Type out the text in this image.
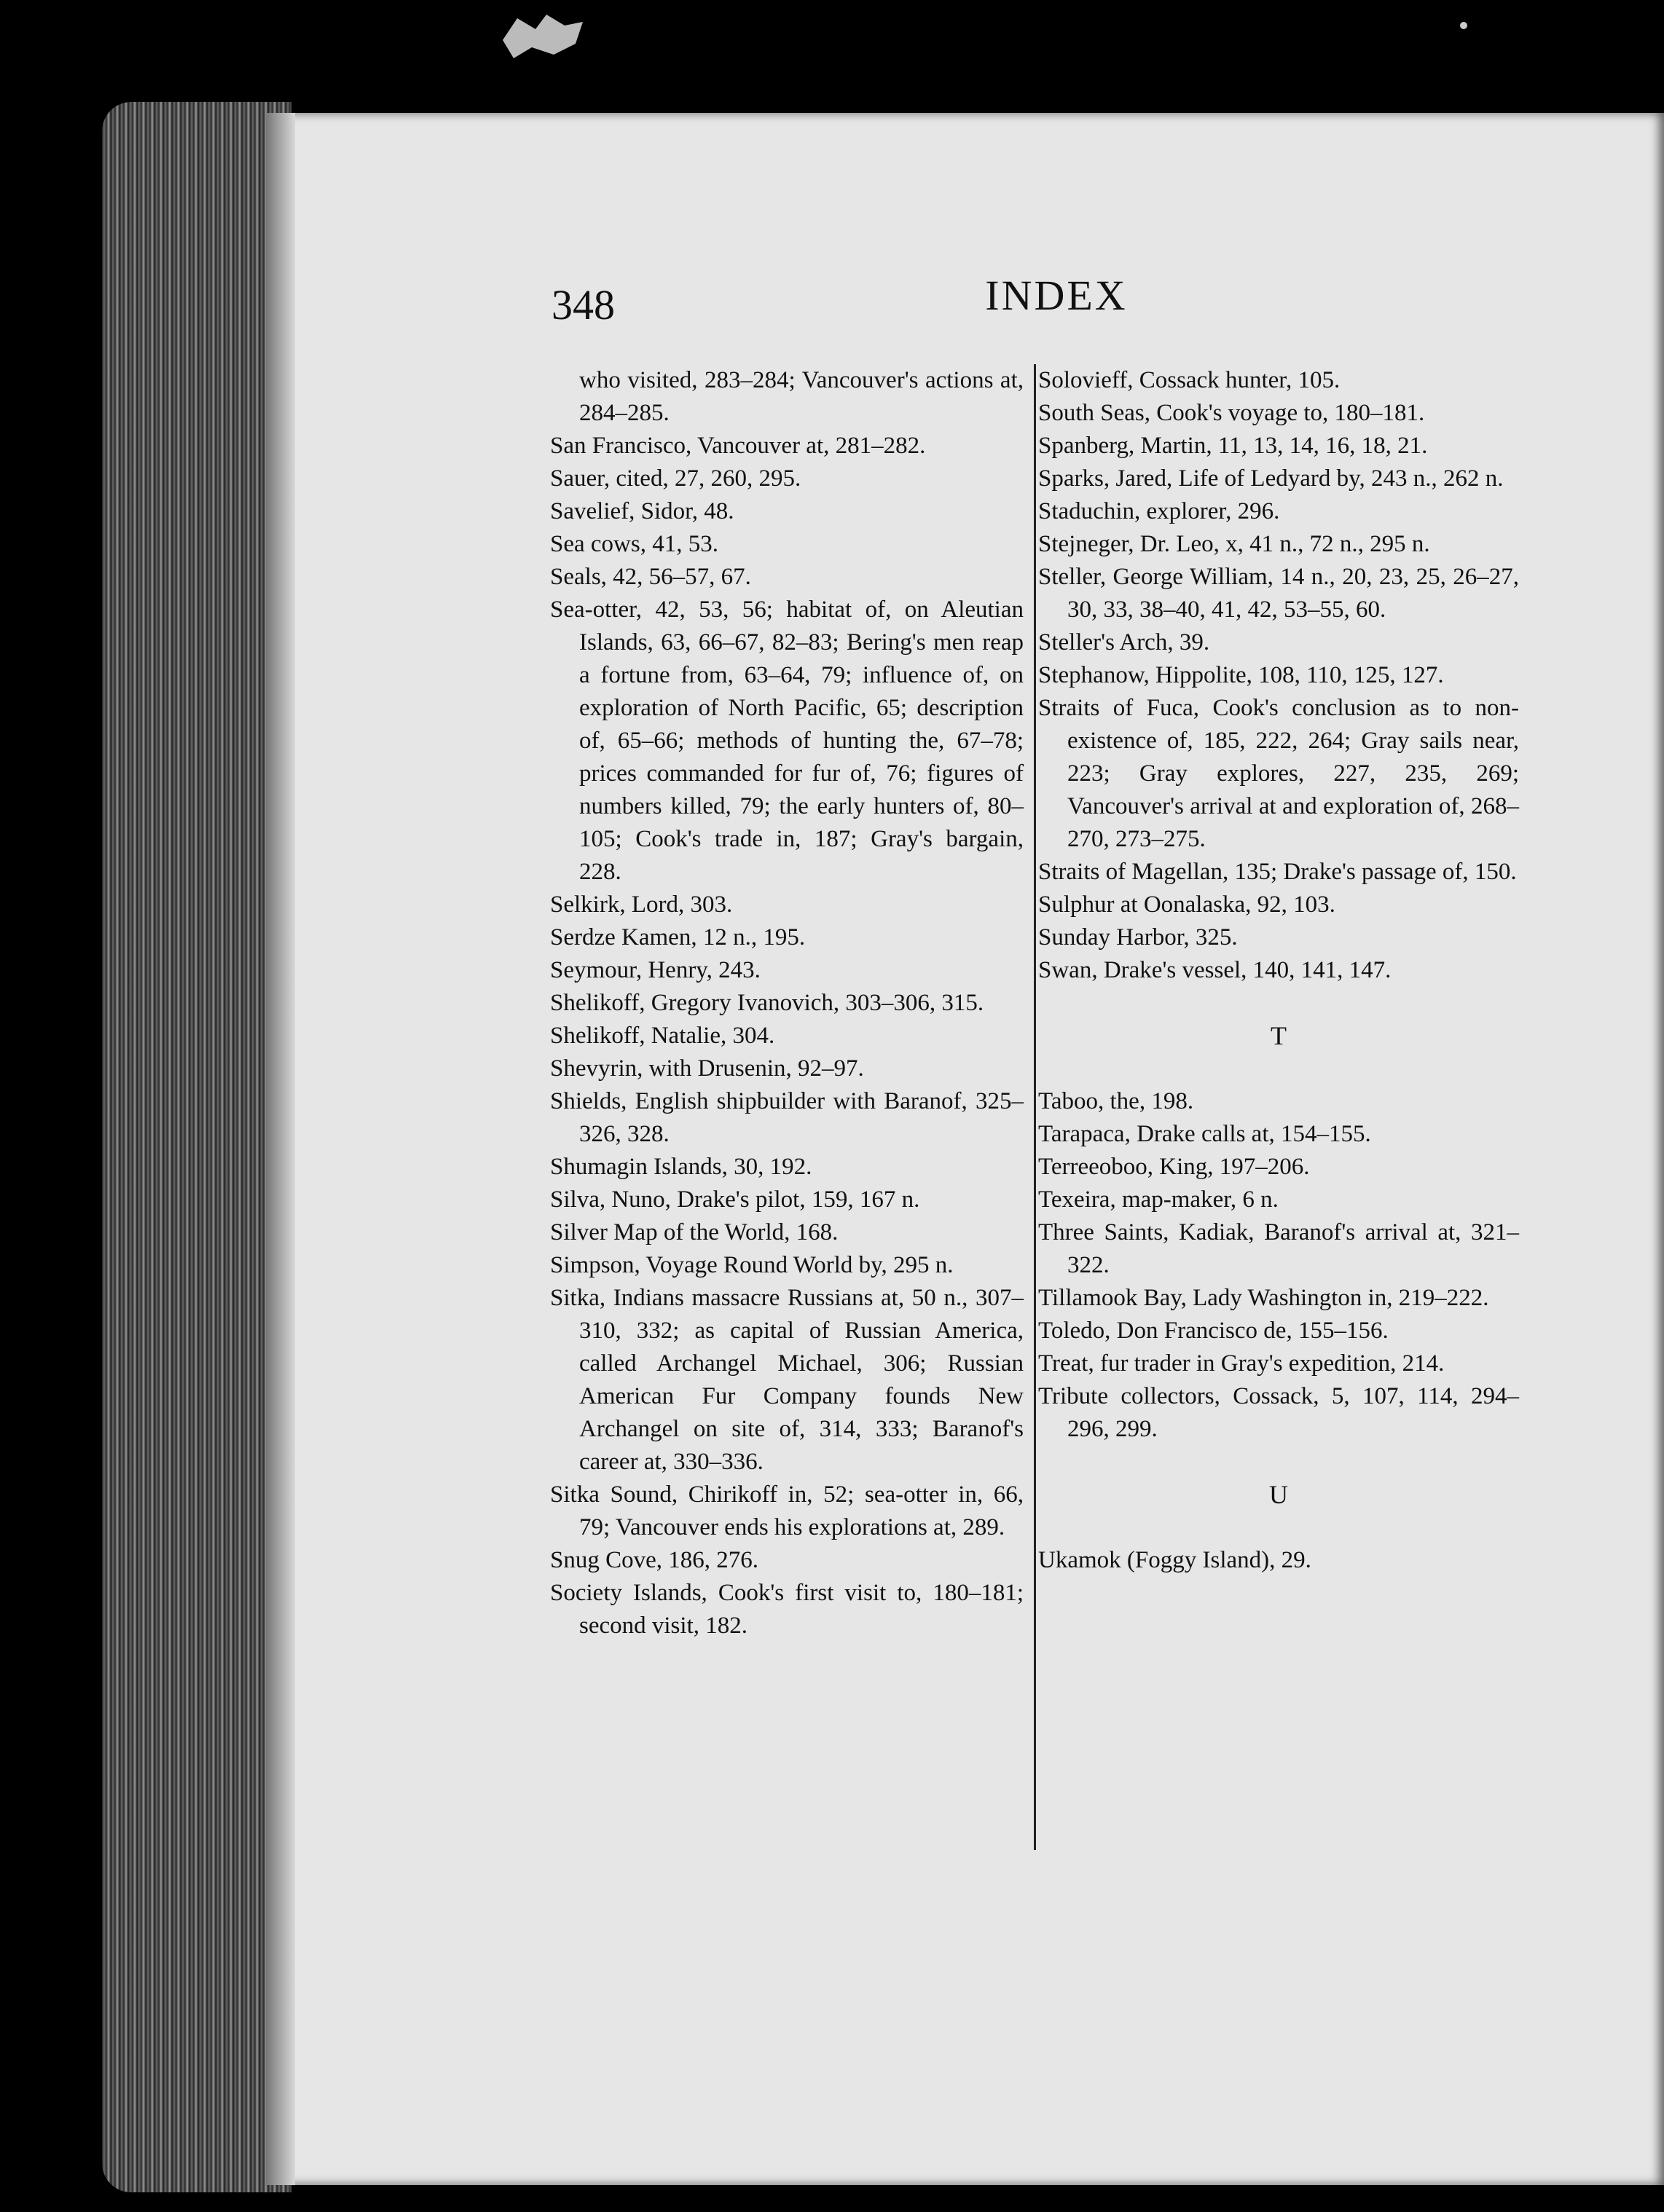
348	INDEX
who visited, 283–284; Vancouver's actions at, 284–285.
San Francisco, Vancouver at, 281–282.
Sauer, cited, 27, 260, 295.
Savelief, Sidor, 48.
Sea cows, 41, 53.
Seals, 42, 56–57, 67.
Sea-otter, 42, 53, 56; habitat of, on Aleutian Islands, 63, 66–67, 82–83; Bering's men reap a fortune from, 63–64, 79; influence of, on exploration of North Pacific, 65; description of, 65–66; methods of hunting the, 67–78; prices commanded for fur of, 76; figures of numbers killed, 79; the early hunters of, 80–105; Cook's trade in, 187; Gray's bargain, 228.
Selkirk, Lord, 303.
Serdze Kamen, 12 n., 195.
Seymour, Henry, 243.
Shelikoff, Gregory Ivanovich, 303–306, 315.
Shelikoff, Natalie, 304.
Shevyrin, with Drusenin, 92–97.
Shields, English shipbuilder with Baranof, 325–326, 328.
Shumagin Islands, 30, 192.
Silva, Nuno, Drake's pilot, 159, 167 n.
Silver Map of the World, 168.
Simpson, Voyage Round World by, 295 n.
Sitka, Indians massacre Russians at, 50 n., 307–310, 332; as capital of Russian America, called Archangel Michael, 306; Russian American Fur Company founds New Archangel on site of, 314, 333; Baranof's career at, 330–336.
Sitka Sound, Chirikoff in, 52; sea-otter in, 66, 79; Vancouver ends his explorations at, 289.
Snug Cove, 186, 276.
Society Islands, Cook's first visit to, 180–181; second visit, 182.
Solovieff, Cossack hunter, 105.
South Seas, Cook's voyage to, 180–181.
Spanberg, Martin, 11, 13, 14, 16, 18, 21.
Sparks, Jared, Life of Ledyard by, 243 n., 262 n.
Staduchin, explorer, 296.
Stejneger, Dr. Leo, x, 41 n., 72 n., 295 n.
Steller, George William, 14 n., 20, 23, 25, 26–27, 30, 33, 38–40, 41, 42, 53–55, 60.
Steller's Arch, 39.
Stephanow, Hippolite, 108, 110, 125, 127.
Straits of Fuca, Cook's conclusion as to non-existence of, 185, 222, 264; Gray sails near, 223; Gray explores, 227, 235, 269; Vancouver's arrival at and exploration of, 268–270, 273–275.
Straits of Magellan, 135; Drake's passage of, 150.
Sulphur at Oonalaska, 92, 103.
Sunday Harbor, 325.
Swan, Drake's vessel, 140, 141, 147.
T
Taboo, the, 198.
Tarapaca, Drake calls at, 154–155.
Terreeoboo, King, 197–206.
Texeira, map-maker, 6 n.
Three Saints, Kadiak, Baranof's arrival at, 321–322.
Tillamook Bay, Lady Washington in, 219–222.
Toledo, Don Francisco de, 155–156.
Treat, fur trader in Gray's expedition, 214.
Tribute collectors, Cossack, 5, 107, 114, 294–296, 299.
U
Ukamok (Foggy Island), 29.
